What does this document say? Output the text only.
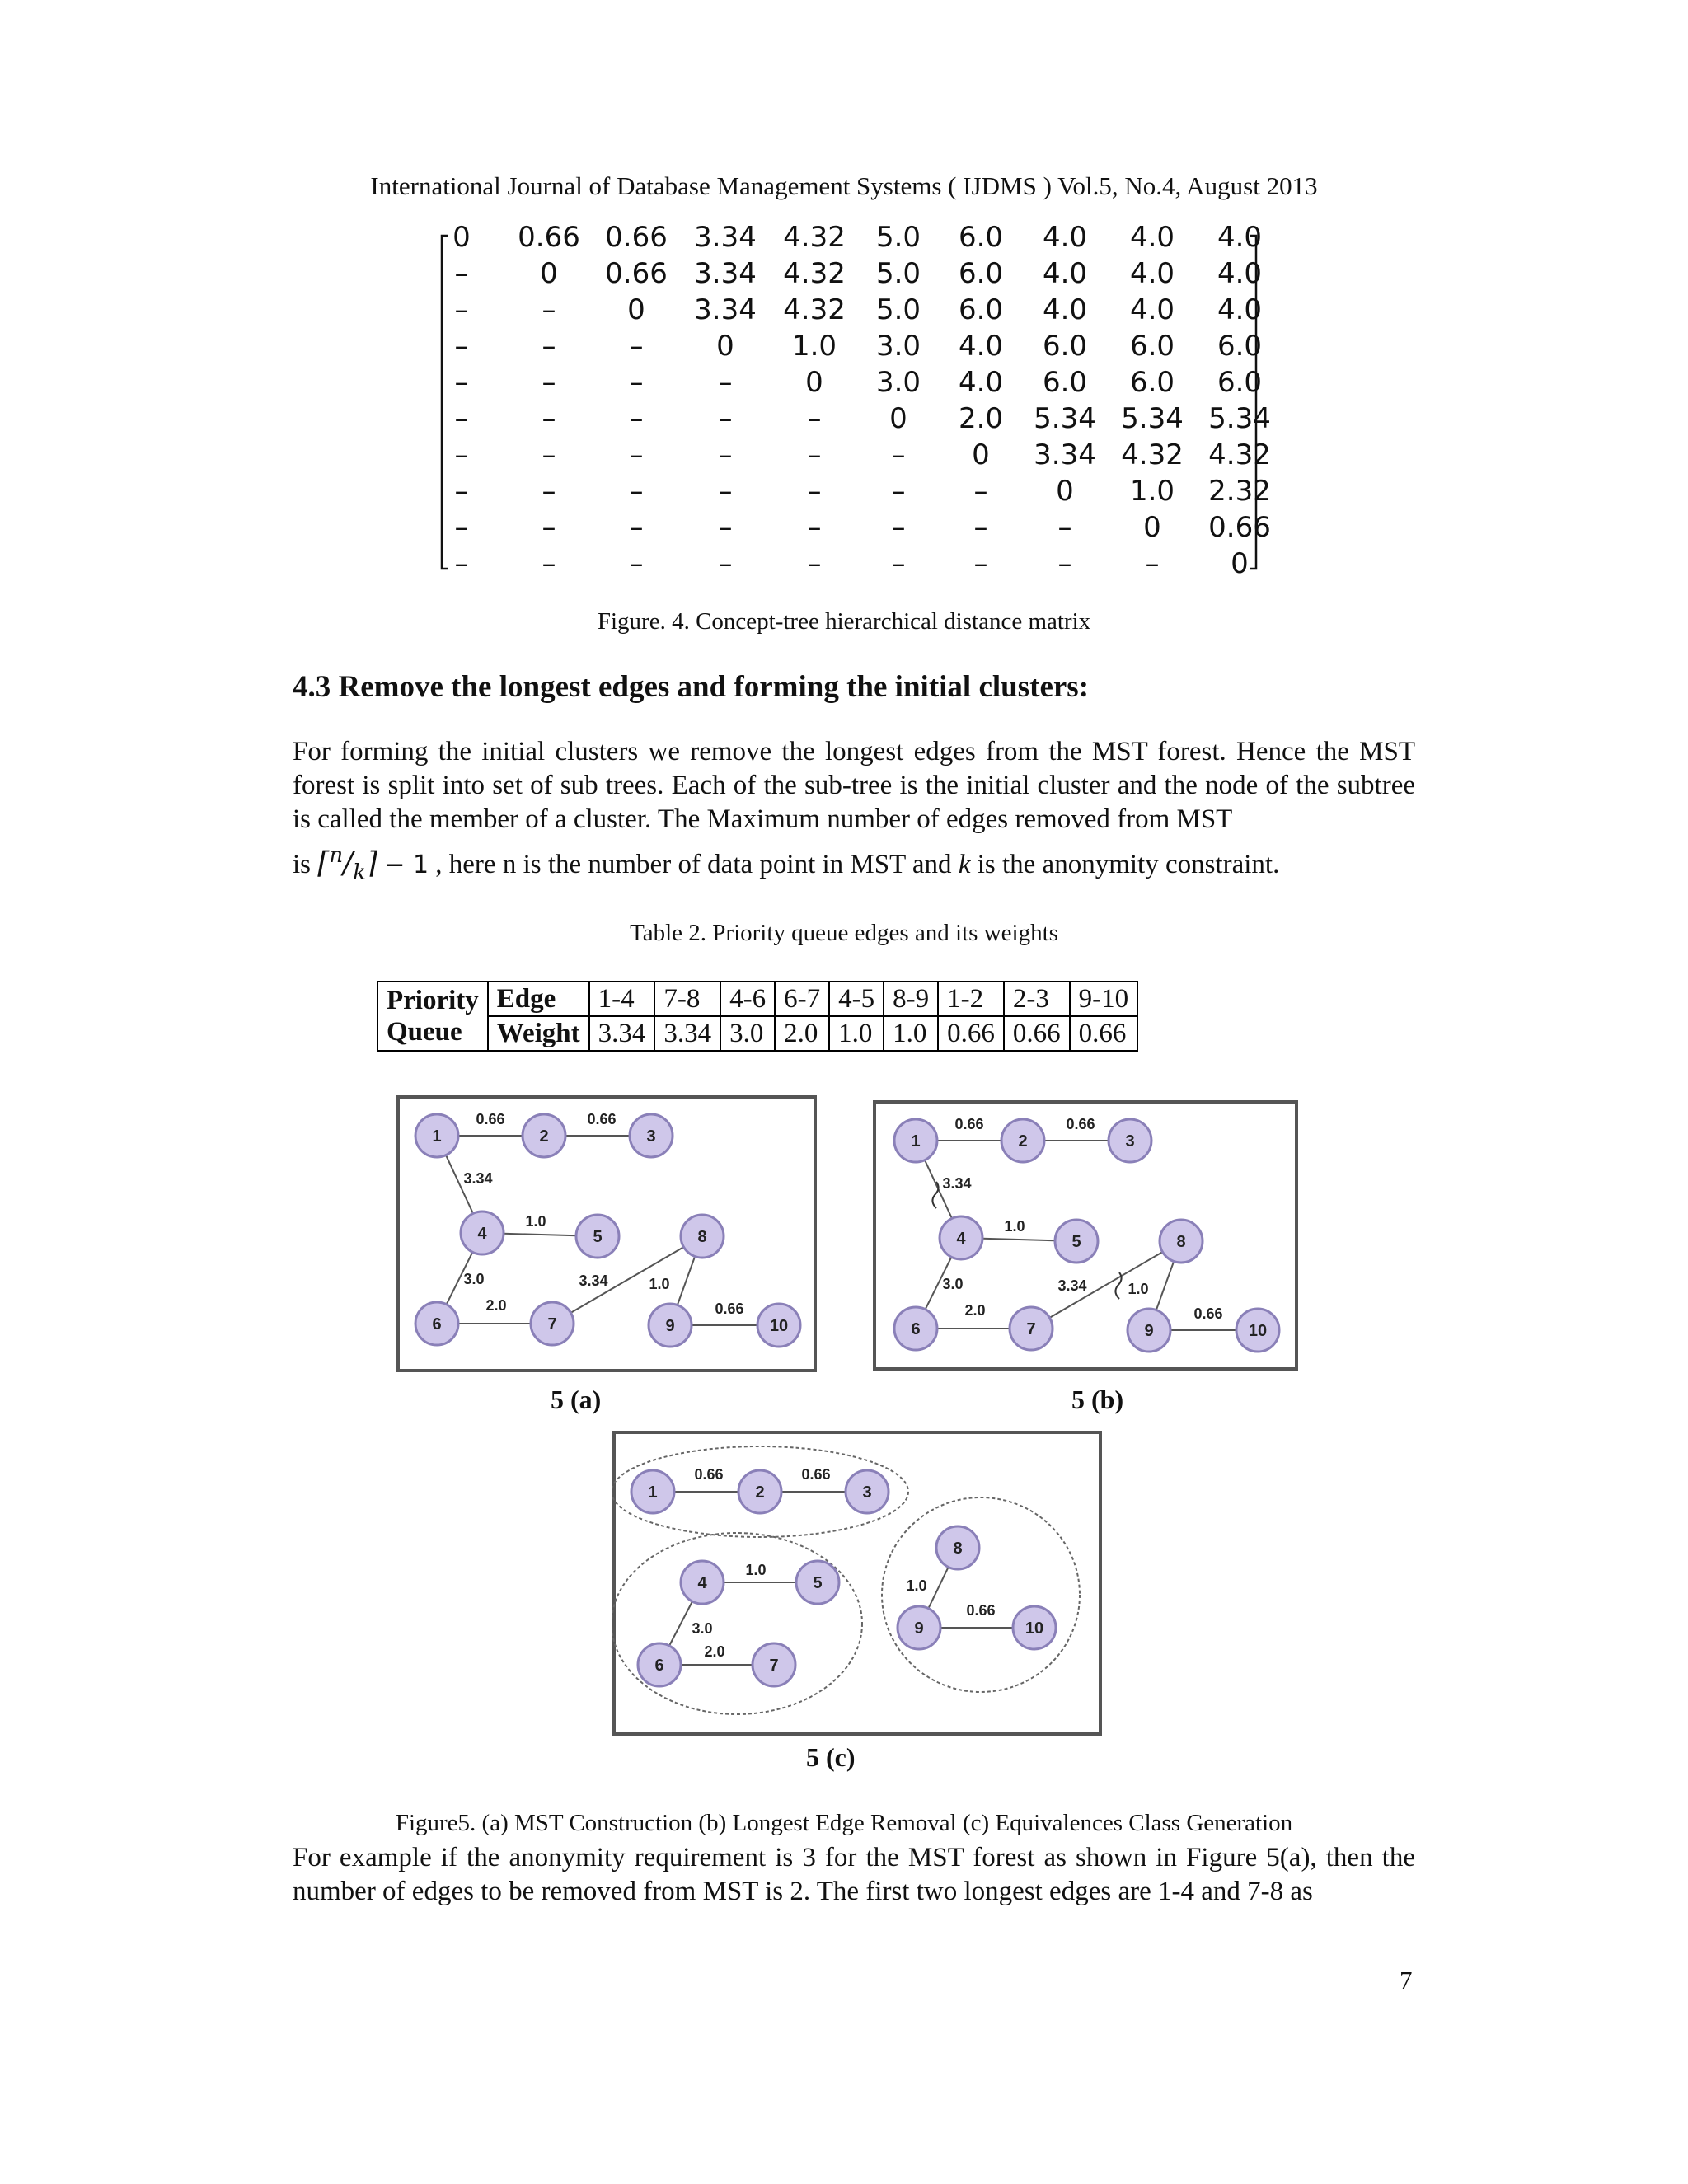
International Journal of Database Management Systems ( IJDMS ) Vol.5, No.4, August 2013
0	0.66 0.66 3.34 4.32	5.0	6.0	4.0	4.0	4.0
–	0	0.66 3.34 4.32	5.0	6.0	4.0	4.0	4.0
–	–	0	3.34 4.32	5.0	6.0	4.0	4.0	4.0
–	–	–	0	1.0	3.0	4.0	6.0	6.0	6.0
–	–	–	–	0	3.0	4.0	6.0	6.0	6.0
–	–	–	–	–	0	2.0	5.34 5.34 5.34
–	–	–	–	–	–	0	3.34 4.32 4.32
–	–	–	–	–	–	–	0	1.0	2.32
–	–	–	–	–	–	–	–	0	0.66
–	–	–	–	–	–	–	–	–	0
Figure. 4. Concept-tree hierarchical distance matrix
4.3 Remove the longest edges and forming the initial clusters:
For forming the initial clusters we remove the longest edges from the MST forest. Hence the MST forest is split into set of sub trees. Each of the sub-tree is the initial cluster and the node of the subtree is called the member of a cluster. The Maximum number of edges removed from MST
is $⌈^n/_k⌉ - 1$ , here n is the number of data point in MST and k is the anonymity constraint.
Table 2. Priority queue edges and its weights
Priority
Queue	Edge	1-4	7-8	4-6	6-7	4-5	8-9	1-2	2-3	9-10
	Weight	3.34	3.34	3.0	2.0	1.0	1.0	0.66	0.66	0.66
0.66	0.66
3.34
1.0
3.0
2.0
3.34	1.0
0.66
1	2	3
4	5
6	7
8
9	10
0.66	0.66
3.34
1.0
3.0
2.0
3.34	1.0
0.66
1	2	3
4	5
6	7
8
9	10
0.66	0.66
1.0
3.0
2.0
1.0
0.66
1	2	3
4	5
6	7
8
9	10
5 (a)	5 (b)
5 (c)
Figure5. (a) MST Construction (b) Longest Edge Removal (c) Equivalences Class Generation
For example if the anonymity requirement is 3 for the MST forest as shown in Figure 5(a), then the number of edges to be removed from MST is 2. The first two longest edges are 1-4 and 7-8 as
7
